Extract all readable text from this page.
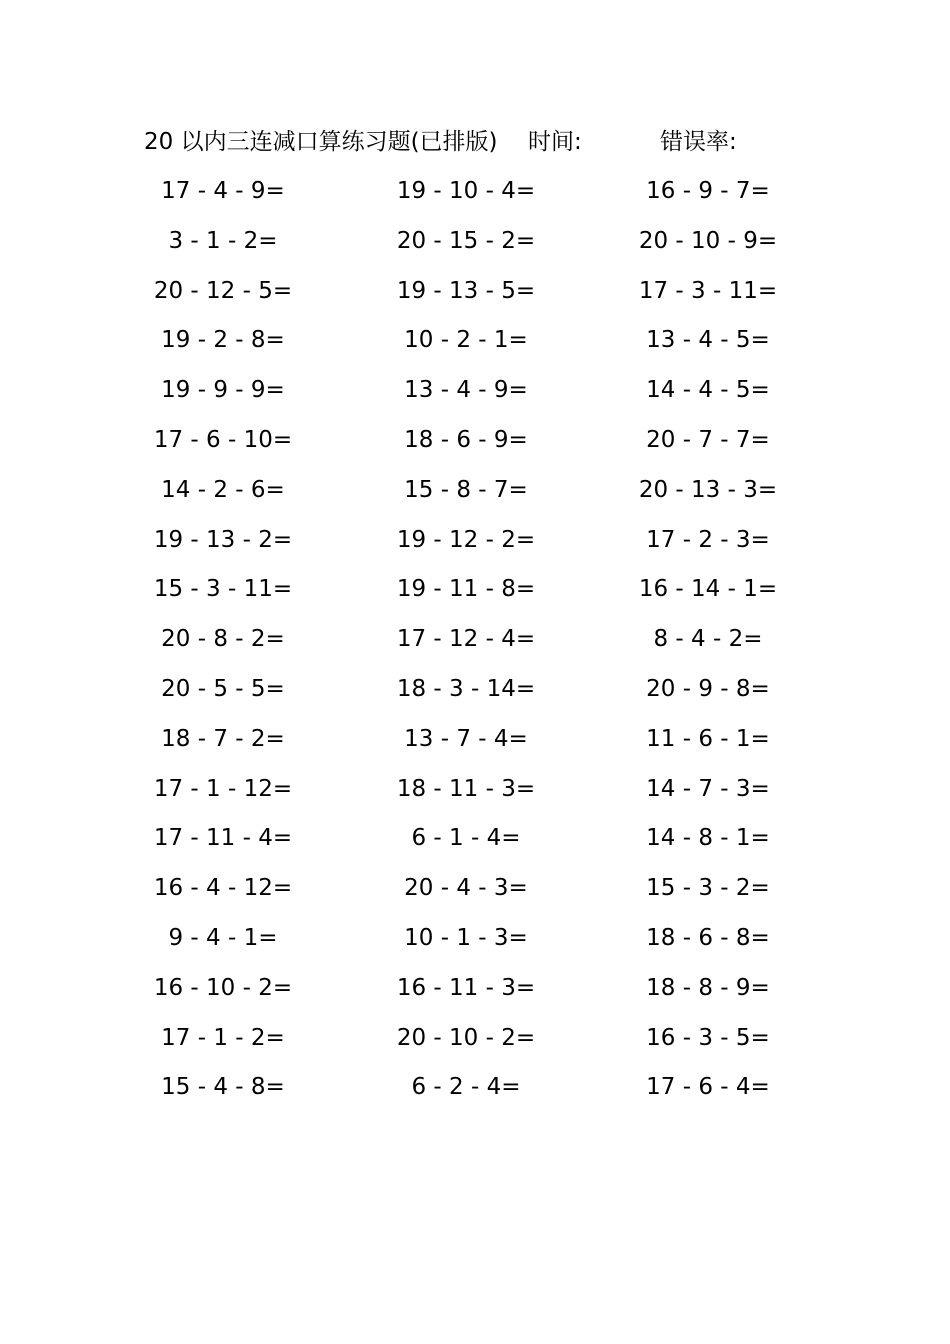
20 以内三连减口算练习题(已排版) 时间:	错误率:
17 - 4 - 9=	19 - 10 - 4=	16 - 9 - 7=
3 - 1 - 2=	20 - 15 - 2=	20 - 10 - 9=
20 - 12 - 5=	19 - 13 - 5=	17 - 3 - 11=
19 - 2 - 8=	10 - 2 - 1=	13 - 4 - 5=
19 - 9 - 9=	13 - 4 - 9=	14 - 4 - 5=
17 - 6 - 10=	18 - 6 - 9=	20 - 7 - 7=
14 - 2 - 6=	15 - 8 - 7=	20 - 13 - 3=
19 - 13 - 2=	19 - 12 - 2=	17 - 2 - 3=
15 - 3 - 11=	19 - 11 - 8=	16 - 14 - 1=
20 - 8 - 2=	17 - 12 - 4=	8 - 4 - 2=
20 - 5 - 5=	18 - 3 - 14=	20 - 9 - 8=
18 - 7 - 2=	13 - 7 - 4=	11 - 6 - 1=
17 - 1 - 12=	18 - 11 - 3=	14 - 7 - 3=
17 - 11 - 4=	6 - 1 - 4=	14 - 8 - 1=
16 - 4 - 12=	20 - 4 - 3=	15 - 3 - 2=
9 - 4 - 1=	10 - 1 - 3=	18 - 6 - 8=
16 - 10 - 2=	16 - 11 - 3=	18 - 8 - 9=
17 - 1 - 2=	20 - 10 - 2=	16 - 3 - 5=
15 - 4 - 8=	6 - 2 - 4=	17 - 6 - 4=
